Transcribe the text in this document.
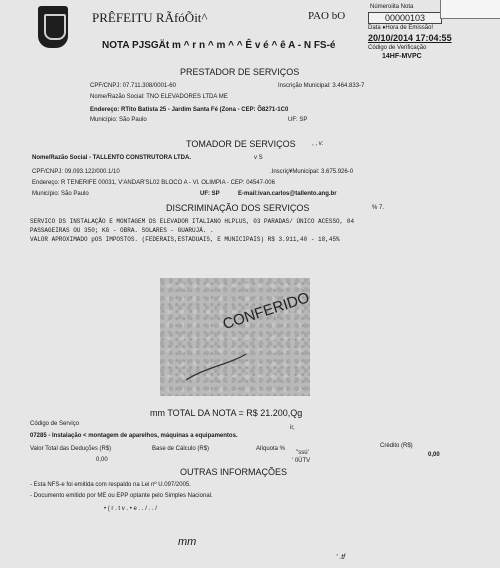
PRÊFEITU RÃfóÕit^	PAO bO
Númeroiita Nota
00000103
Data ♦Hora de Emissão!
20/10/2014 17:04:55
Código de Verificação
14HF-MVPC
NOTA PJSGÄt m ^ r n ^ m ^ ^ Ê v é ^ ê A - N FS-é
PRESTADOR DE SERVIÇOS
CPF/CNPJ: 07.711.308/0001-60	Inscrição Municipal: 3.464.833-7
Nome/Razão Social: TNO ELEVADORES LTDA ME
Endereço: RTito Batista 25 - Jardim Santa Fé (Zona - CEP: Õ8271-1C0
Município: São Paulo	UF: SP
TOMADOR DE SERVIÇOS	, , v:
Nome/Razão Social - TALLENTO CONSTRUTORA LTDA.	v S
CPF/CNPJ: 09.093.122/000.1/10	.Inscriç¥Municipal: 3.675.926-0
Endereço: R TENERIFE 00031, V'ANDAR'SL02 BLOCO A - Vl. OLIMPIA - CEP: 04547-006
Município: São Paulo	UF: SP	E-mail:ivan.carlos@tallento.ang.br
DISCRIMINAÇÃO DOS SERVIÇOS	% 7.
SERVICO DS INSTALAÇÃO E MONTAGEM DS ELEVADOR ITALIANO HLPLUS, 03 PARADAS/ ÚNICO ACESSO, 04
PASSAGEIRAS OU 350; KG - OBRA. SOLARES - GUARUJÁ. .
VALOR APROXIMADO pOS IMPOSTOS. (FEDERAIS,ESTADUAIS, E MUNICIPAIS) R$ 3.911,40 - 18,45%
CONFERIDO
mm TOTAL DA NOTA = R$ 21.200,Qg
Código de Serviço
ir,
07285 - Instalação < montagem de aparelhos, máquinas a equipamentos.
Valor Total das Deduções (R$)
0,00
Base de Cálculo (R$)	Alíquota %
''ssú'
' 0ÜTV
Crédito (R$)
0,00
OUTRAS INFORMAÇÕES
- Esta NFS-e foi emitida com respaldo na Lei nº U.097/2005.
- Documento emitido por ME ou EPP optante pelo Simples Nacional.
• ( r . t v . • e . . / . . /
mm
' .tf
